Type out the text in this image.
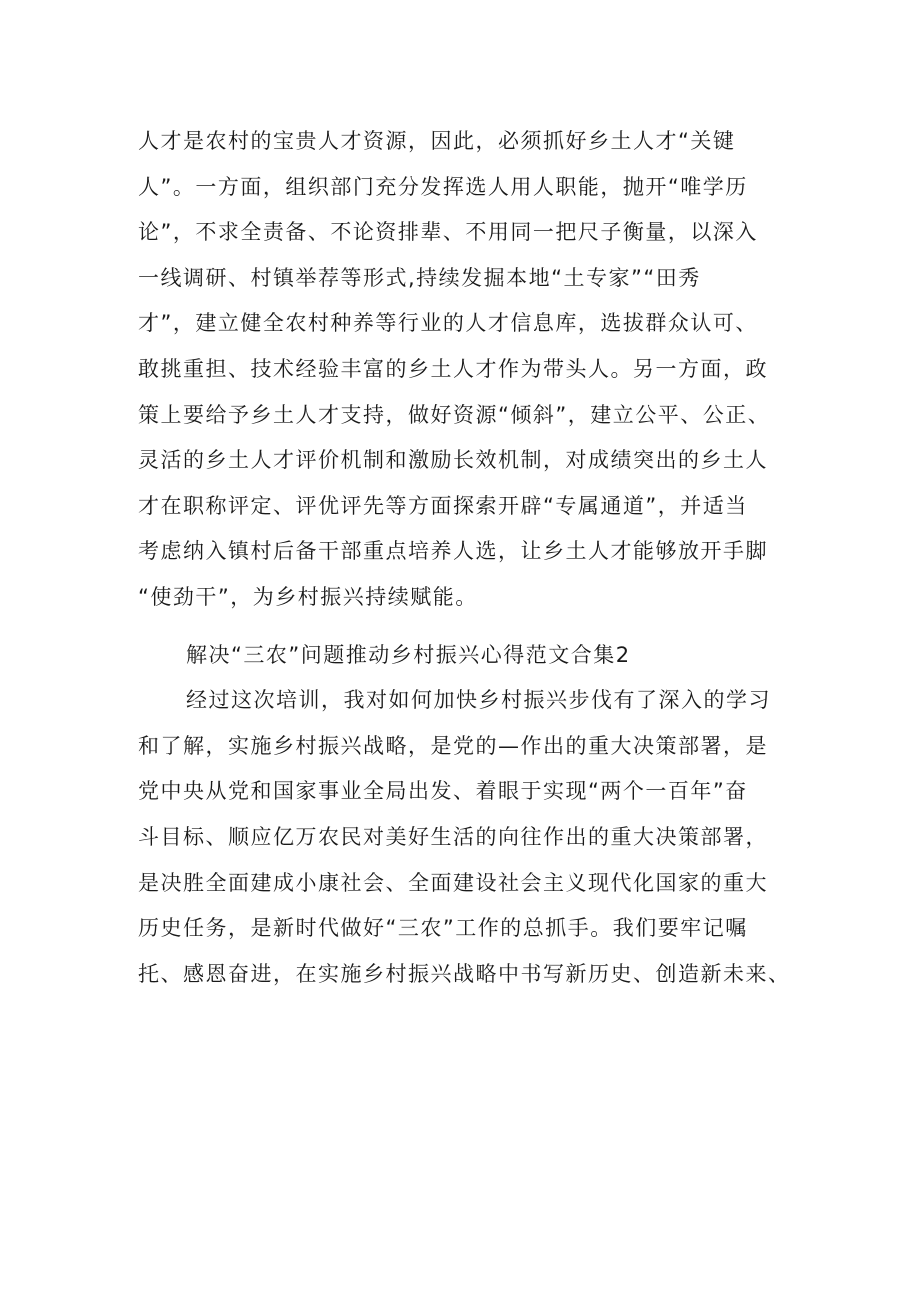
人才是农村的宝贵人才资源，因此，必须抓好乡土人才“关键
人”。一方面，组织部门充分发挥选人用人职能，抛开“唯学历
论”，不求全责备、不论资排辈、不用同一把尺子衡量，以深入
一线调研、村镇举荐等形式,持续发掘本地“土专家”“田秀
才”，建立健全农村种养等行业的人才信息库，选拔群众认可、
敢挑重担、技术经验丰富的乡土人才作为带头人。另一方面，政
策上要给予乡土人才支持，做好资源“倾斜”，建立公平、公正、
灵活的乡土人才评价机制和激励长效机制，对成绩突出的乡土人
才在职称评定、评优评先等方面探索开辟“专属通道”，并适当
考虑纳入镇村后备干部重点培养人选，让乡土人才能够放开手脚
“使劲干”，为乡村振兴持续赋能。
解决“三农”问题推动乡村振兴心得范文合集2
经过这次培训，我对如何加快乡村振兴步伐有了深入的学习
和了解，实施乡村振兴战略，是党的—作出的重大决策部署，是
党中央从党和国家事业全局出发、着眼于实现“两个一百年”奋
斗目标、顺应亿万农民对美好生活的向往作出的重大决策部署，
是决胜全面建成小康社会、全面建设社会主义现代化国家的重大
历史任务，是新时代做好“三农”工作的总抓手。我们要牢记嘱
托、感恩奋进，在实施乡村振兴战略中书写新历史、创造新未来、
